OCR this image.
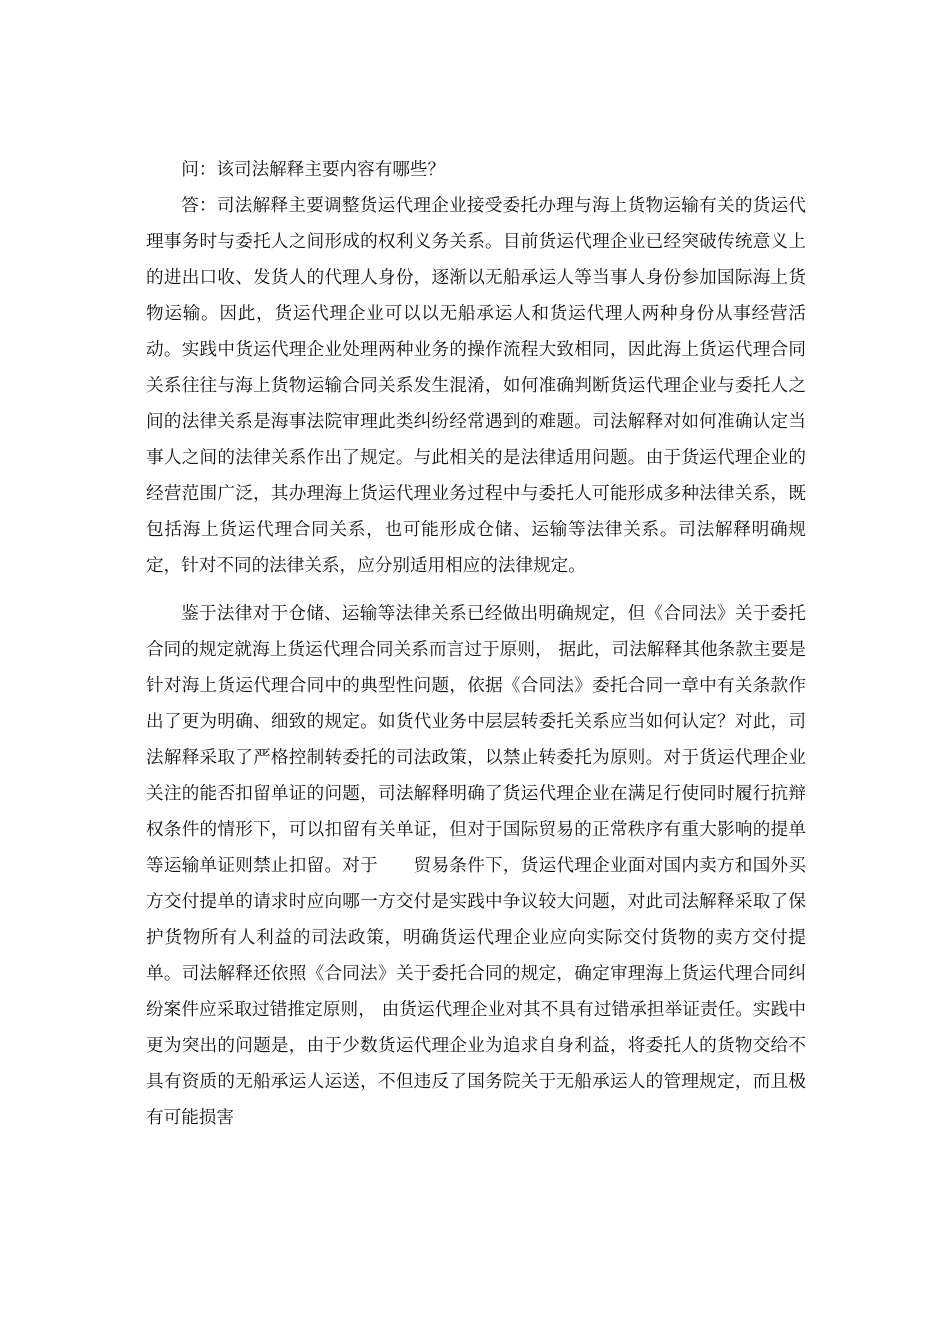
问：该司法解释主要内容有哪些？

答：司法解释主要调整货运代理企业接受委托办理与海上货物运输有关的货运代理事务时与委托人之间形成的权利义务关系。目前货运代理企业已经突破传统意义上的进出口收、发货人的代理人身份，逐渐以无船承运人等当事人身份参加国际海上货物运输。因此，货运代理企业可以以无船承运人和货运代理人两种身份从事经营活动。实践中货运代理企业处理两种业务的操作流程大致相同，因此海上货运代理合同关系往往与海上货物运输合同关系发生混淆，如何准确判断货运代理企业与委托人之间的法律关系是海事法院审理此类纠纷经常遇到的难题。司法解释对如何准确认定当事人之间的法律关系作出了规定。与此相关的是法律适用问题。由于货运代理企业的经营范围广泛，其办理海上货运代理业务过程中与委托人可能形成多种法律关系，既包括海上货运代理合同关系，也可能形成仓储、运输等法律关系。司法解释明确规定，针对不同的法律关系，应分别适用相应的法律规定。

鉴于法律对于仓储、运输等法律关系已经做出明确规定，但《合同法》关于委托合同的规定就海上货运代理合同关系而言过于原则， 据此，司法解释其他条款主要是针对海上货运代理合同中的典型性问题，依据《合同法》委托合同一章中有关条款作出了更为明确、细致的规定。如货代业务中层层转委托关系应当如何认定？对此，司法解释采取了严格控制转委托的司法政策，以禁止转委托为原则。对于货运代理企业关注的能否扣留单证的问题，司法解释明确了货运代理企业在满足行使同时履行抗辩权条件的情形下，可以扣留有关单证，但对于国际贸易的正常秩序有重大影响的提单等运输单证则禁止扣留。对于　　贸易条件下，货运代理企业面对国内卖方和国外买方交付提单的请求时应向哪一方交付是实践中争议较大问题，对此司法解释采取了保护货物所有人利益的司法政策，明确货运代理企业应向实际交付货物的卖方交付提单。司法解释还依照《合同法》关于委托合同的规定，确定审理海上货运代理合同纠纷案件应采取过错推定原则， 由货运代理企业对其不具有过错承担举证责任。实践中更为突出的问题是，由于少数货运代理企业为追求自身利益，将委托人的货物交给不具有资质的无船承运人运送，不但违反了国务院关于无船承运人的管理规定，而且极有可能损害
